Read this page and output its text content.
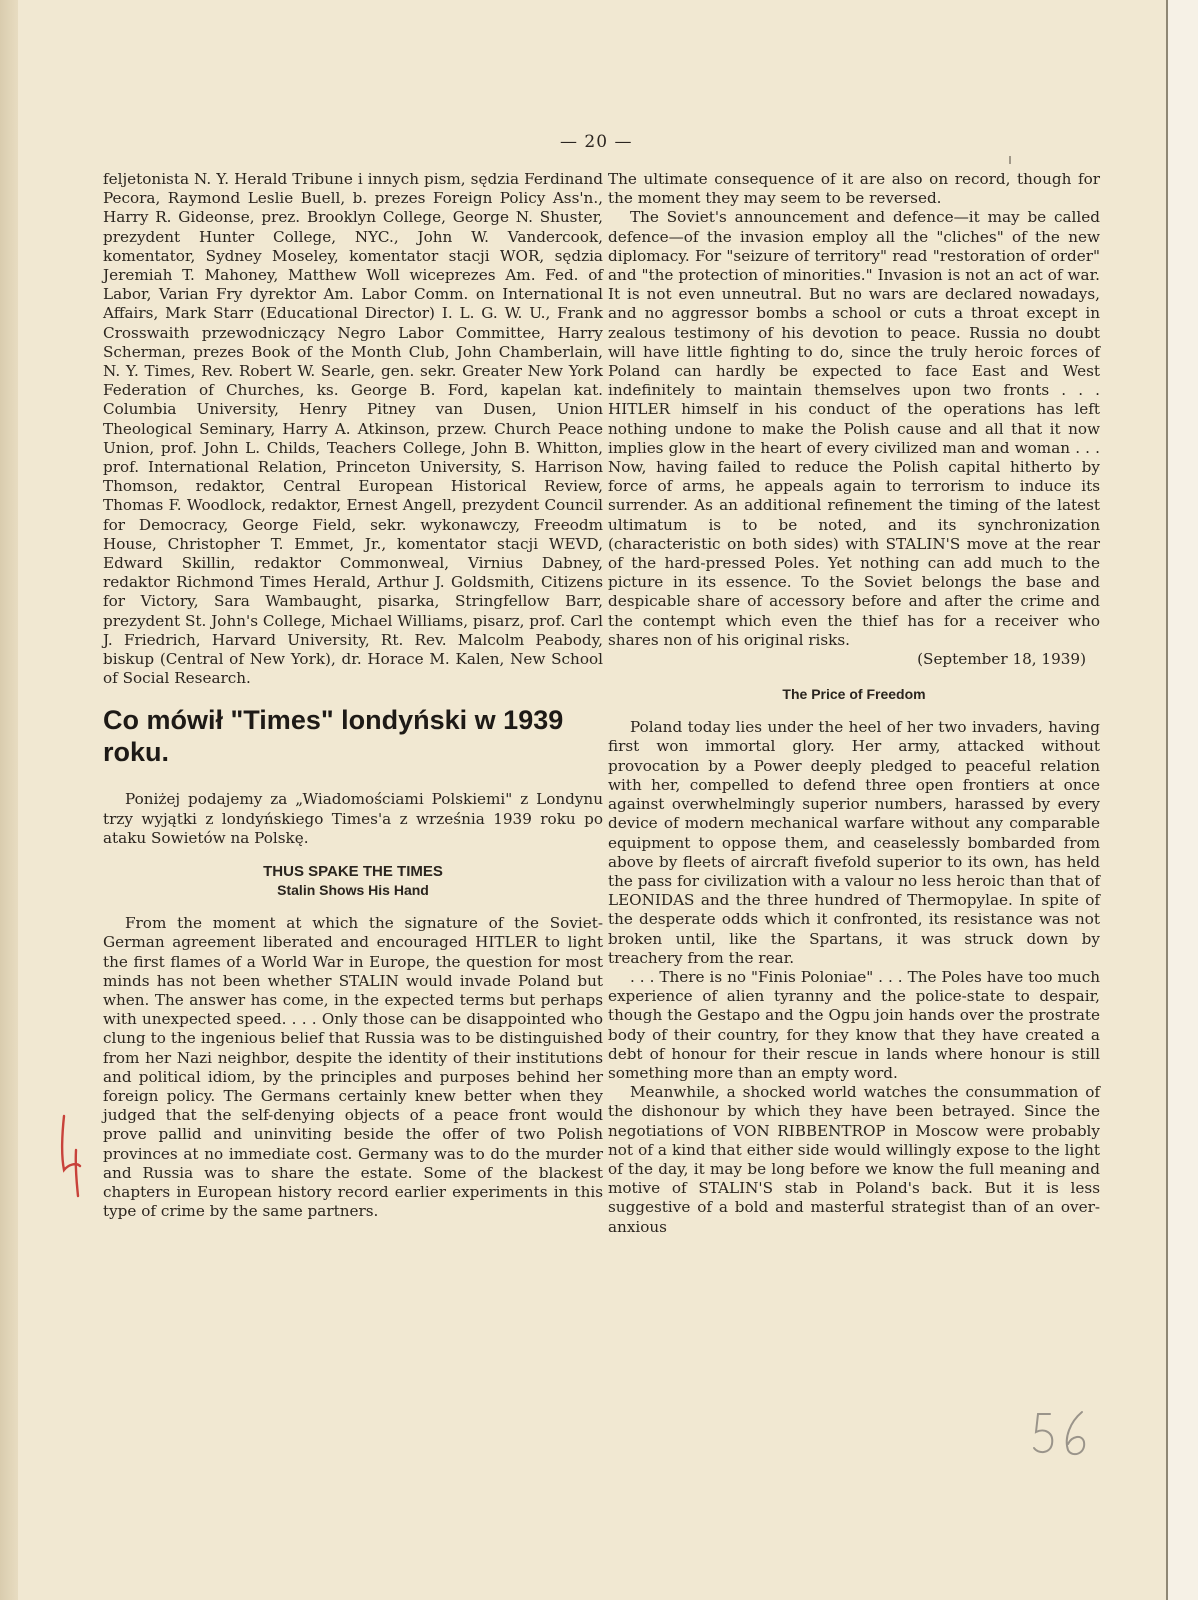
— 20 —

feljetonista N. Y. Herald Tribune i innych pism, sędzia Ferdinand Pecora, Raymond Leslie Buell, b. prezes Foreign Policy Ass'n., Harry R. Gideonse, prez. Brooklyn College, George N. Shuster, prezydent Hunter College, NYC., John W. Vandercook, komentator, Sydney Moseley, komentator stacji WOR, sędzia Jeremiah T. Mahoney, Matthew Woll wiceprezes Am. Fed. of Labor, Varian Fry dyrektor Am. Labor Comm. on International Affairs, Mark Starr (Educational Director) I. L. G. W. U., Frank Crosswaith przewodniczący Negro Labor Committee, Harry Scherman, prezes Book of the Month Club, John Chamberlain, N. Y. Times, Rev. Robert W. Searle, gen. sekr. Greater New York Federation of Churches, ks. George B. Ford, kapelan kat. Columbia University, Henry Pitney van Dusen, Union Theological Seminary, Harry A. Atkinson, przew. Church Peace Union, prof. John L. Childs, Teachers College, John B. Whitton, prof. International Relation, Princeton University, S. Harrison Thomson, redaktor, Central European Historical Review, Thomas F. Woodlock, redaktor, Ernest Angell, prezydent Council for Democracy, George Field, sekr. wykonawczy, Freeodm House, Christopher T. Emmet, Jr., komentator stacji WEVD, Edward Skillin, redaktor Commonweal, Virnius Dabney, redaktor Richmond Times Herald, Arthur J. Goldsmith, Citizens for Victory, Sara Wambaught, pisarka, Stringfellow Barr, prezydent St. John's College, Michael Williams, pisarz, prof. Carl J. Friedrich, Harvard University, Rt. Rev. Malcolm Peabody, biskup (Central of New York), dr. Horace M. Kalen, New School of Social Research.

Co mówił "Times" londyński w 1939 roku.

Poniżej podajemy za „Wiadomościami Polskiemi" z Londynu trzy wyjątki z londyńskiego Times'a z września 1939 roku po ataku Sowietów na Polskę.

THUS SPAKE THE TIMES
Stalin Shows His Hand

From the moment at which the signature of the Soviet-German agreement liberated and encouraged HITLER to light the first flames of a World War in Europe, the question for most minds has not been whether STALIN would invade Poland but when. The answer has come, in the expected terms but perhaps with unexpected speed. . . . Only those can be disappointed who clung to the ingenious belief that Russia was to be distinguished from her Nazi neighbor, despite the identity of their institutions and political idiom, by the principles and purposes behind her foreign policy. The Germans certainly knew better when they judged that the self-denying objects of a peace front would prove pallid and uninviting beside the offer of two Polish provinces at no immediate cost. Germany was to do the murder and Russia was to share the estate. Some of the blackest chapters in European history record earlier experiments in this type of crime by the same partners.

The ultimate consequence of it are also on record, though for the moment they may seem to be reversed.

The Soviet's announcement and defence—it may be called defence—of the invasion employ all the "cliches" of the new diplomacy. For "seizure of territory" read "restoration of order" and "the protection of minorities." Invasion is not an act of war. It is not even unneutral. But no wars are declared nowadays, and no aggressor bombs a school or cuts a throat except in zealous testimony of his devotion to peace. Russia no doubt will have little fighting to do, since the truly heroic forces of Poland can hardly be expected to face East and West indefinitely to maintain themselves upon two fronts . . . HITLER himself in his conduct of the operations has left nothing undone to make the Polish cause and all that it now implies glow in the heart of every civilized man and woman . . . Now, having failed to reduce the Polish capital hitherto by force of arms, he appeals again to terrorism to induce its surrender. As an additional refinement the timing of the latest ultimatum is to be noted, and its synchronization (characteristic on both sides) with STALIN'S move at the rear of the hard-pressed Poles. Yet nothing can add much to the picture in its essence. To the Soviet belongs the base and despicable share of accessory before and after the crime and the contempt which even the thief has for a receiver who shares non of his original risks.

(September 18, 1939)

The Price of Freedom

Poland today lies under the heel of her two invaders, having first won immortal glory. Her army, attacked without provocation by a Power deeply pledged to peaceful relation with her, compelled to defend three open frontiers at once against overwhelmingly superior numbers, harassed by every device of modern mechanical warfare without any comparable equipment to oppose them, and ceaselessly bombarded from above by fleets of aircraft fivefold superior to its own, has held the pass for civilization with a valour no less heroic than that of LEONIDAS and the three hundred of Thermopylae. In spite of the desperate odds which it confronted, its resistance was not broken until, like the Spartans, it was struck down by treachery from the rear.

. . . There is no "Finis Poloniae" . . . The Poles have too much experience of alien tyranny and the police-state to despair, though the Gestapo and the Ogpu join hands over the prostrate body of their country, for they know that they have created a debt of honour for their rescue in lands where honour is still something more than an empty word.

Meanwhile, a shocked world watches the consummation of the dishonour by which they have been betrayed. Since the negotiations of VON RIBBENTROP in Moscow were probably not of a kind that either side would willingly expose to the light of the day, it may be long before we know the full meaning and motive of STALIN'S stab in Poland's back. But it is less suggestive of a bold and masterful strategist than of an over-anxious
